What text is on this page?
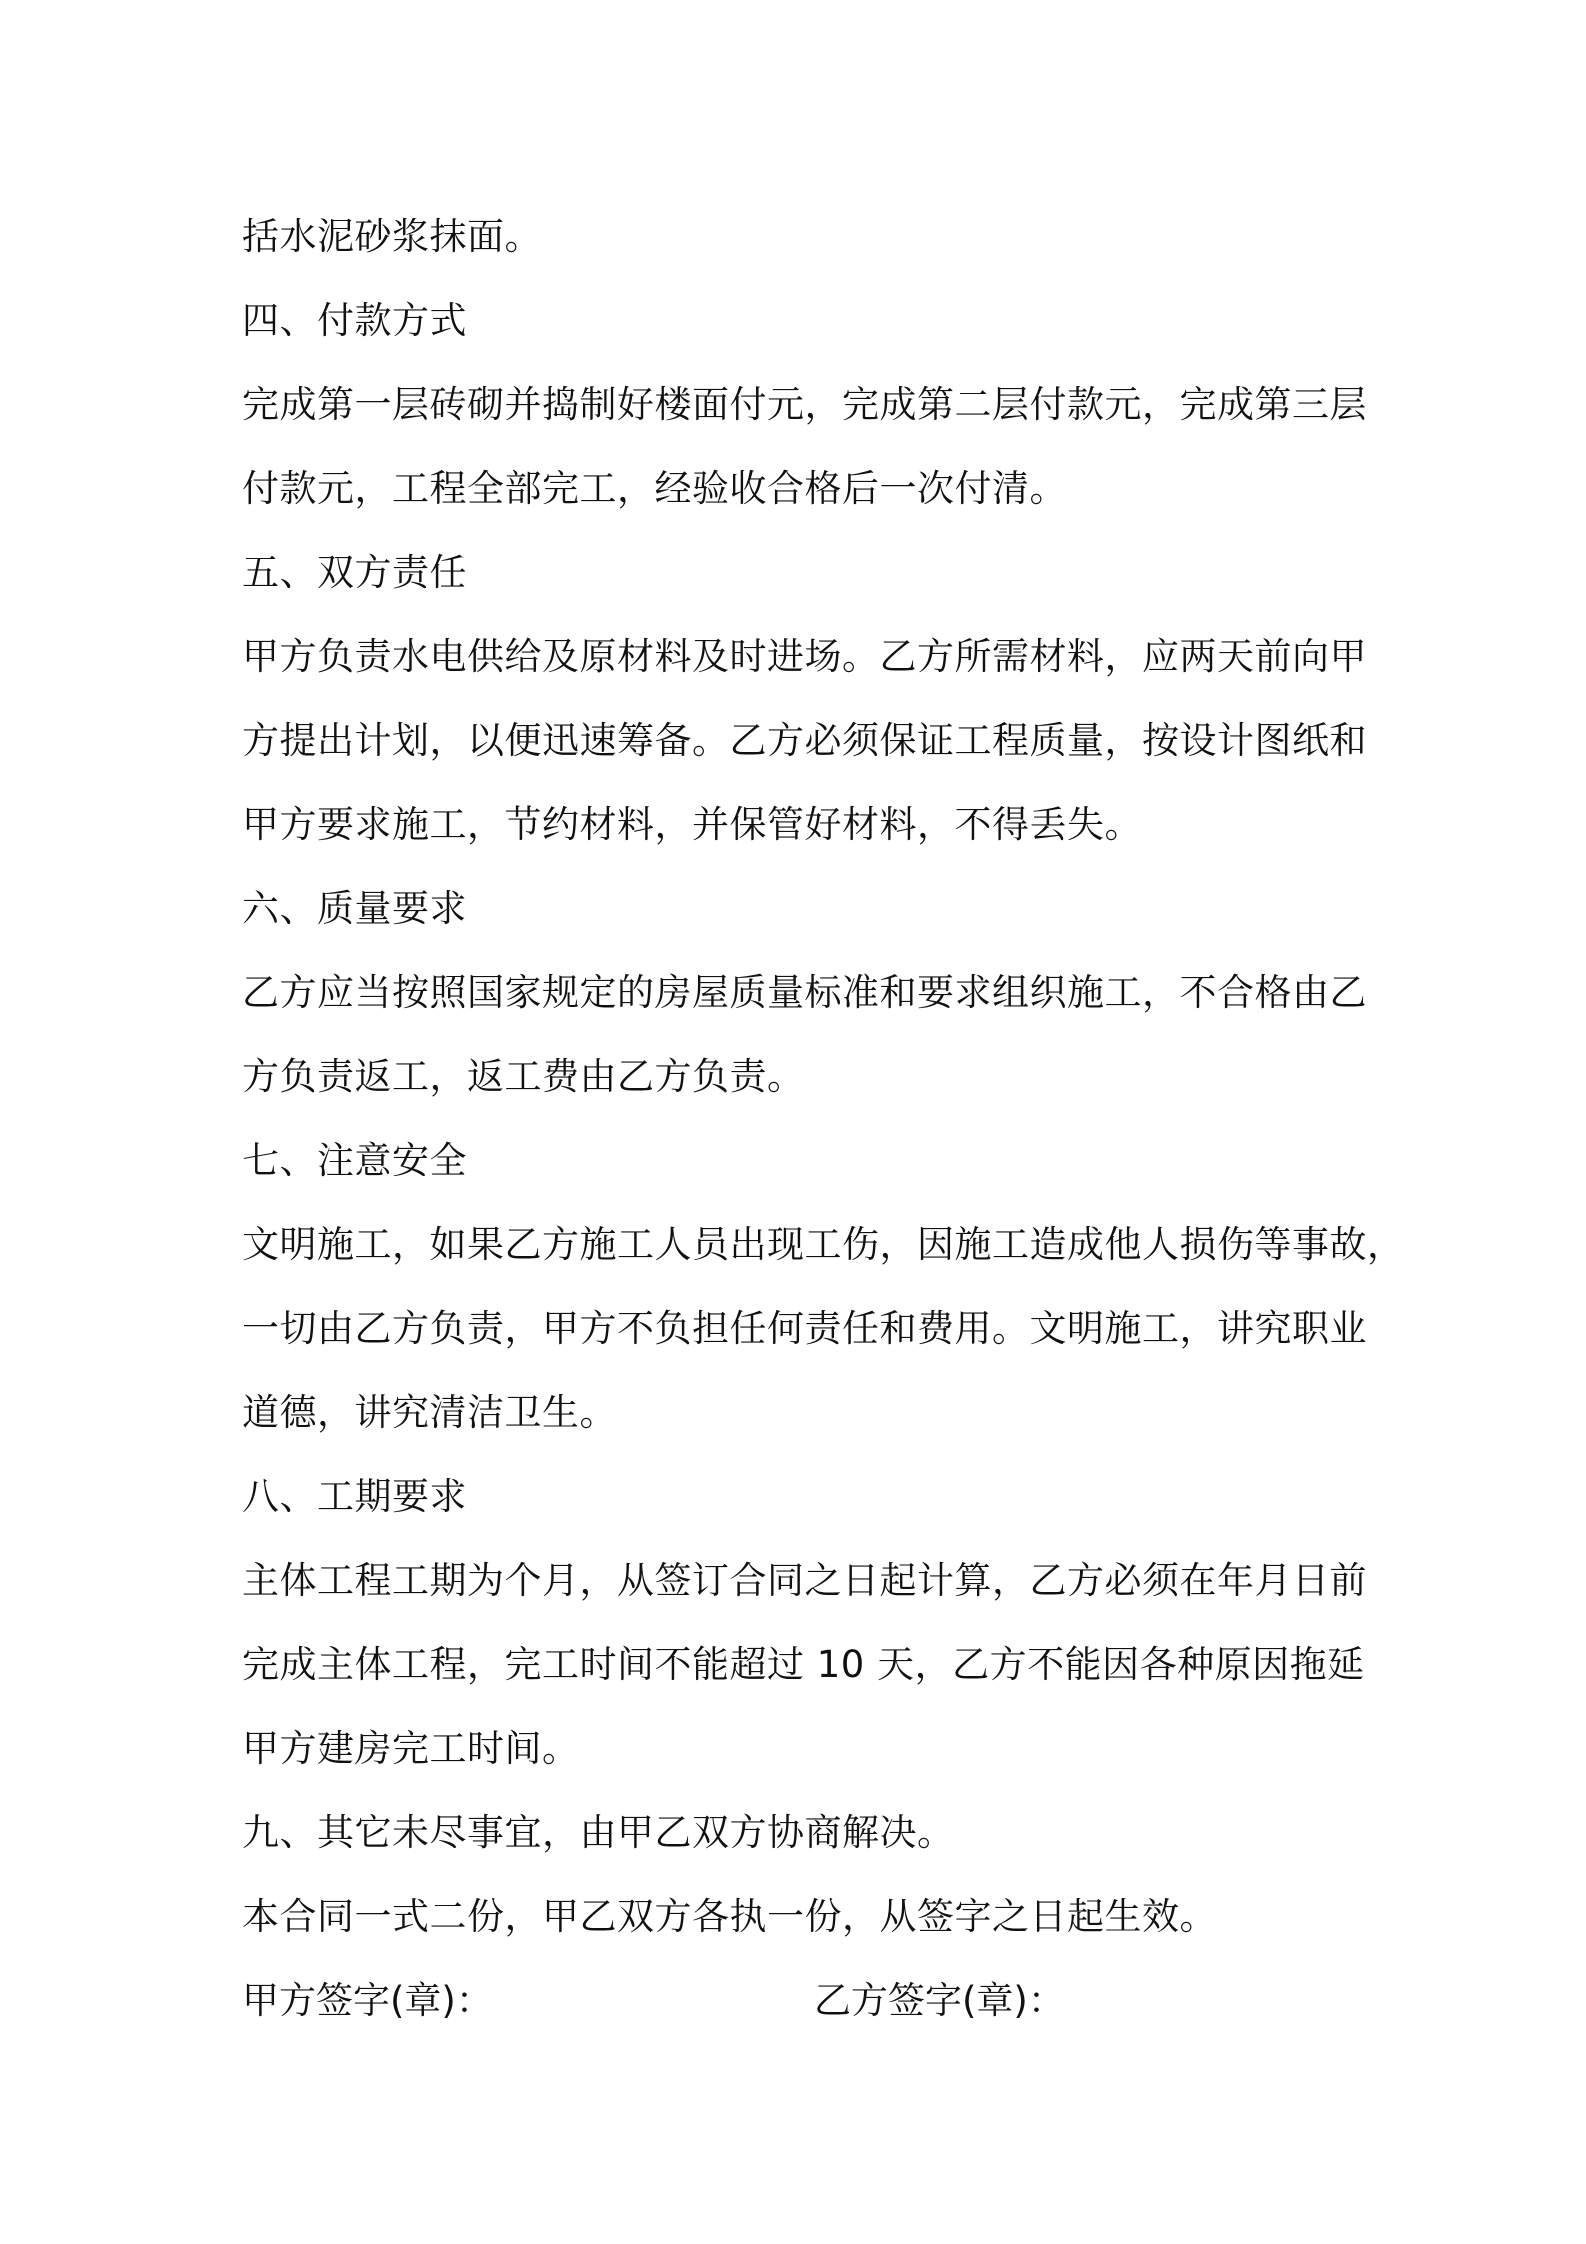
括水泥砂浆抹面。
四、付款方式
完成第一层砖砌并捣制好楼面付元，完成第二层付款元，完成第三层
付款元，工程全部完工，经验收合格后一次付清。
五、双方责任
甲方负责水电供给及原材料及时进场。乙方所需材料，应两天前向甲
方提出计划，以便迅速筹备。乙方必须保证工程质量，按设计图纸和
甲方要求施工，节约材料，并保管好材料，不得丢失。
六、质量要求
乙方应当按照国家规定的房屋质量标准和要求组织施工，不合格由乙
方负责返工，返工费由乙方负责。
七、注意安全
文明施工，如果乙方施工人员出现工伤，因施工造成他人损伤等事故，
一切由乙方负责，甲方不负担任何责任和费用。文明施工，讲究职业
道德，讲究清洁卫生。
八、工期要求
主体工程工期为个月，从签订合同之日起计算，乙方必须在年月日前
完成主体工程，完工时间不能超过 10 天，乙方不能因各种原因拖延
甲方建房完工时间。
九、其它未尽事宜，由甲乙双方协商解决。
本合同一式二份，甲乙双方各执一份，从签字之日起生效。
甲方签字(章)：	乙方签字(章)：
